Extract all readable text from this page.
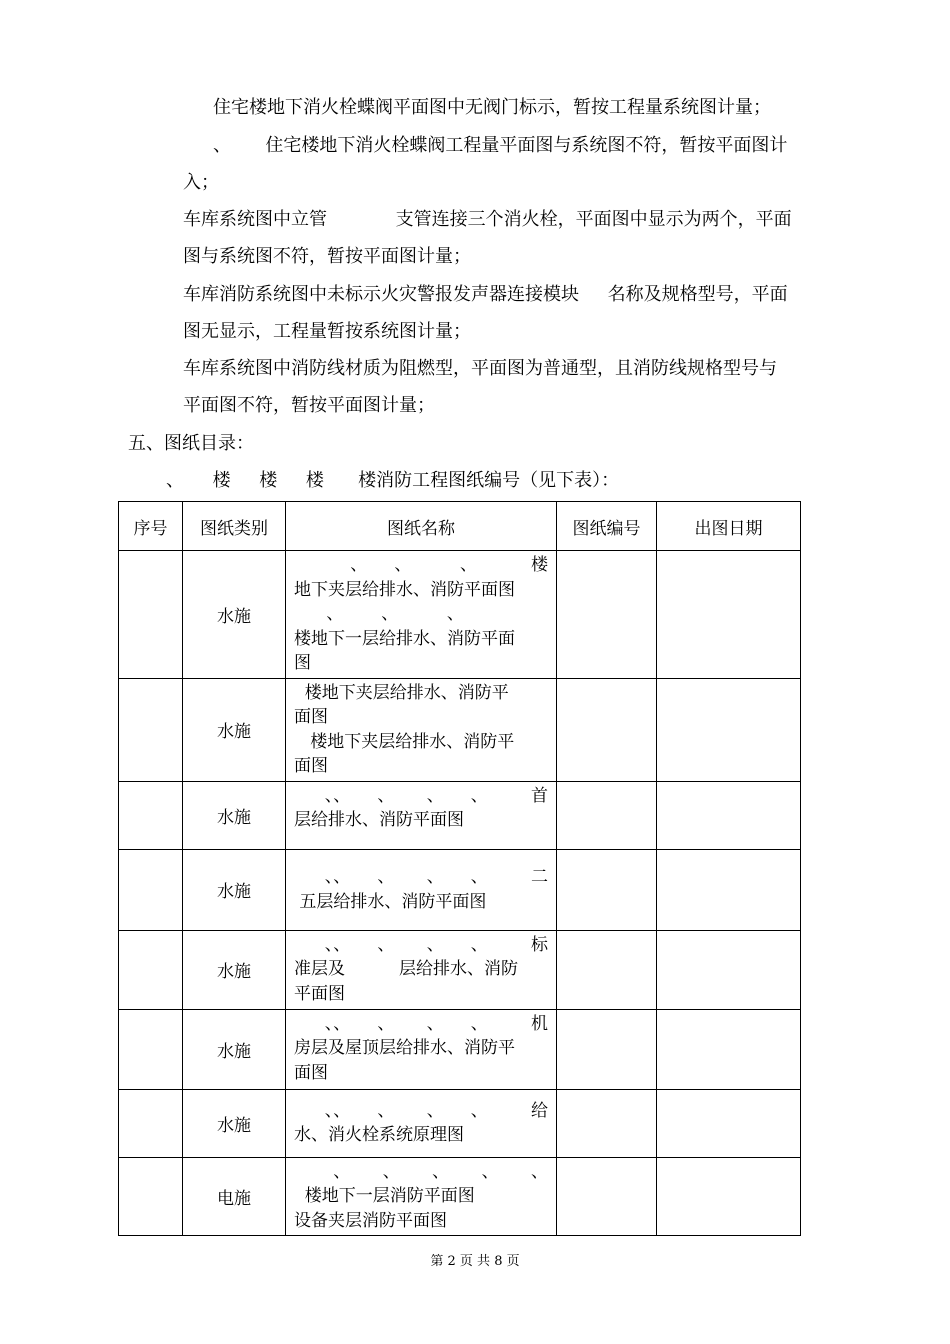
住宅楼地下消火栓蝶阀平面图中无阀门标示，暂按工程量系统图计量；
、      住宅楼地下消火栓蝶阀工程量平面图与系统图不符，暂按平面图计
入；
车库系统图中立管            支管连接三个消火栓，平面图中显示为两个，平面
图与系统图不符，暂按平面图计量；
车库消防系统图中未标示火灾警报发声器连接模块     名称及规格型号，平面
图无显示，工程量暂按系统图计量；
车库系统图中消防线材质为阻燃型，平面图为普通型，且消防线规格型号与
平面图不符，暂按平面图计量；
五、图纸目录：
、     楼     楼     楼      楼消防工程图纸编号（见下表）：
序号	图纸类别	图纸名称	图纸编号	出图日期
	水施	、     、         、          楼
地下夹层给排水、消防平面图
、       、         、
楼地下一层给排水、消防平面
图		

	水施	楼地下夹层给排水、消防平
面图
楼地下夹层给排水、消防平
面图		

	水施	、、     、      、     、        首
层给排水、消防平面图		

	水施	、、     、      、     、        二
五层给排水、消防平面图		

	水施	、、     、      、     、        标
准层及          层给排水、消防
平面图		

	水施	、、     、      、     、        机
房层及屋顶层给排水、消防平
面图		

	水施	、、     、      、     、        给
水、消火栓系统原理图		

	电施	、      、      、      、      、
楼地下一层消防平面图
设备夹层消防平面图		

第 2 页 共 8 页
